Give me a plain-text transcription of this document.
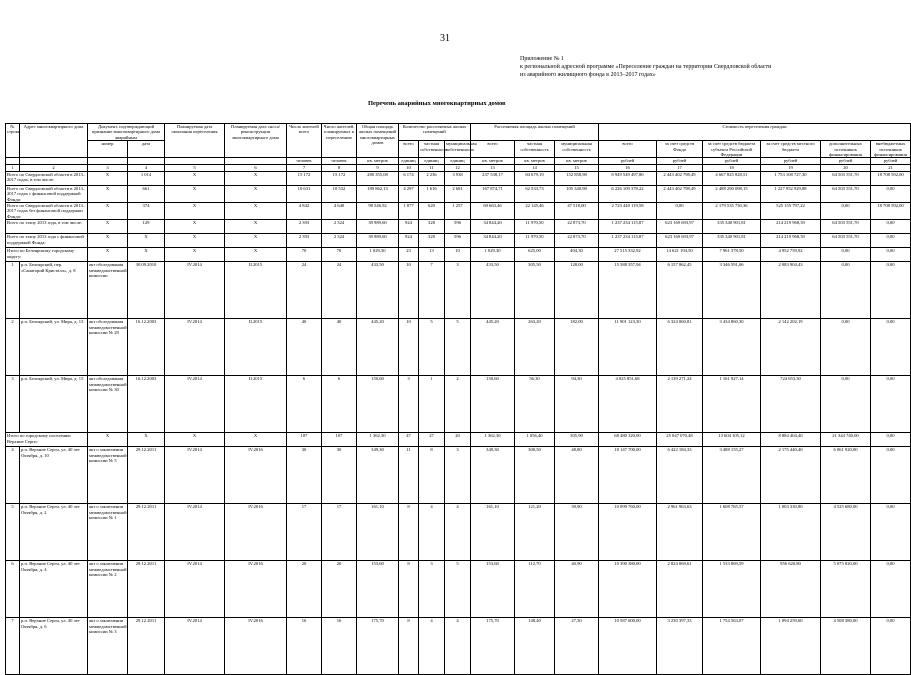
31
Приложение № 1
к региональной адресной программе «Переселение граждан на территории Свердловской области
из аварийного жилищного фонда в 2013–2017 годах»
Перечень аварийных многоквартирных домов
№ строки	Адрес многоквартирного дома	Документ, подтверждающий признание многоквартирного дома аварийным		Планируемая дата окончания переселения	Планируемая дата сноса/ реконструкции многоквартирного дома	Число жителей всего	Число жителей, планируемых к переселению	Общая площадь жилых помещений многоквартирных домов	Количество расселяемых жилых помещений			Расселяемая площадь жилых помещений			Стоимость переселения граждан					
		номер	дата						всего	частная собственность	муниципальная собственность	всего	частная собственность	муниципальная собственность	всего	за счет средств Фонда	за счет средств бюджета субъекта Российской Федерации	за счет средств местного бюджета	дополнительных источников финансирования	внебюджетных источников финансирования
						человек	человек	кв. метров	единиц	единиц	единиц	кв. метров	кв. метров	кв. метров	рублей	рублей	рублей	рублей	рублей	рублей
1	2	3	4	5	6	7	8	9	10	11	12	13	14	15	16	17	18	19	20	21
Всего по Свердловской области в 2013–2017 годах, в том числе:		X	1 014	X	X	15 172	15 172	280 355,08	6 174	2 236	3 938	237 538,17	84 679,19	152 858,98	8 949 549 497,80	2 443 402 798,49	4 667 825 828,51	1 753 108 727,30	64 503 551,70	18 708 592,00
Всего по Свердловской области в 2013–2017 годах с финансовой поддержкой Фонда:		X	661	X	X	10 631	10 532	189 862,13	4 297	1 616	2 681	167 874,71	62 533,73	105 340,98	6 226 109 378,22	2 443 402 798,49	2 488 290 098,15	1 227 952 929,88	64 503 551,70	0,00
Всего по Свердловской области в 2013–2017 годах без финансовой поддержки Фонда:		X	374	X	X	4 842	4 640	98 546,92	1 877	620	1 257	69 663,46	22 145,46	47 518,00	2 723 440 119,58	0,00	2 179 535 730,36	525 155 797,22	0,00	18 708 592,00
Всего по этапу 2013 года, в том числе:		X	129	X	X	2 393	2 324	39 989,60	924	328	596	34 844,20	11 970,50	22 873,70	1 237 234 115,87	623 169 693,97	335 340 901,81	214 219 968,39	64 503 551,70	0,00
Всего по этапу 2013 года с финансовой поддержкой Фонда:		X	X	X	X	2 393	2 324	39 989,60	924	328	596	34 844,20	11 970,50	22 873,70	1 237 234 115,87	623 169 693,97	335 340 901,81	214 219 968,39	64 503 551,70	0,00
Итого по Белоярскому городскому округу:		X	X	X	X	70	70	1 029,30	23	13	10	1 029,30	625,00	404,30	27 515 332,92	14 621 194,50	7 961 378,50	4 952 759,92	0,00	0,00
1	р.п. Белоярский, пер. «Санаторий Кристалл», д. 8	акт обследования межведомственной комиссии	30.09.2010	IV.2014	II.2015	24	24	433,50	10	7	3	433,50	305,50	128,00	15 588 357,94	6 157 862,45	3 346 591,06	2 083 904,43	0,00	0,00
2	р.п. Белоярский, ул. Мира, д. 13	акт обследования межведомственной комиссии № 29	16.12.2003	IV.2014	II.2015	40	40	445,20	10	5	5	445,20	263,20	182,00	11 901 123,30	6 324 060,81	3 434 860,30	2 142 202,19	0,00	0,00
3	р.п. Белоярский, ул. Мира, д. 15	акт обследования межведомственной комиссии № 30	16.12.2003	IV.2014	II.2015	6	6	150,60	3	1	2	150,60	56,30	94,30	4 025 851,68	2 139 271,24	1 161 927,14	724 653,30	0,00	0,00
Итого по городскому поселению Верхние Серги:		X	X	X	X	107	107	1 362,30	47	27	20	1 362,30	1 056,40	305,90	68 480 320,00	25 047 070,48	13 604 105,12	8 884 404,40	21 344 740,00	0,00
4	р.п. Верхние Серги, ул. 40 лет Октября, д. 10	акт о заключении межведомственной комиссии № 5	29.12.2011	IV.2014	IV.2016	30	30	349,30	11	8	3	349,30	300,50	48,80	18 147 700,00	6 422 184,33	3 488 155,27	2 175 440,40	6 061 920,00	0,00
5	р.п. Верхние Серги, ул. 40 лет Октября, д. 2	акт о заключении межведомственной комиссии № 1	29.12.2011	IV.2014	IV.2016	17	17	161,10	8	4	4	161,10	121,20	39,90	10 099 760,00	2 961 963,63	1 608 765,57	1 003 330,80	4 525 680,00	0,00
6	р.п. Верхние Серги, ул. 40 лет Октября, д. 4	акт о заключении межведомственной комиссии № 2	29.12.2011	IV.2014	IV.2016	20	20	153,60	8	3	5	153,60	112,70	40,90	10 390 380,00	2 824 069,61	1 533 869,59	956 620,80	5 075 820,00	0,00
7	р.п. Верхние Серги, ул. 40 лет Октября, д. 6	акт о заключении межведомственной комиссии № 3	29.12.2011	IV.2014	IV.2016	16	16	175,70	8	4	4	175,70	148,40	27,30	10 587 600,00	3 230 397,33	1 754 563,07	1 094 259,60	4 508 380,00	0,00
